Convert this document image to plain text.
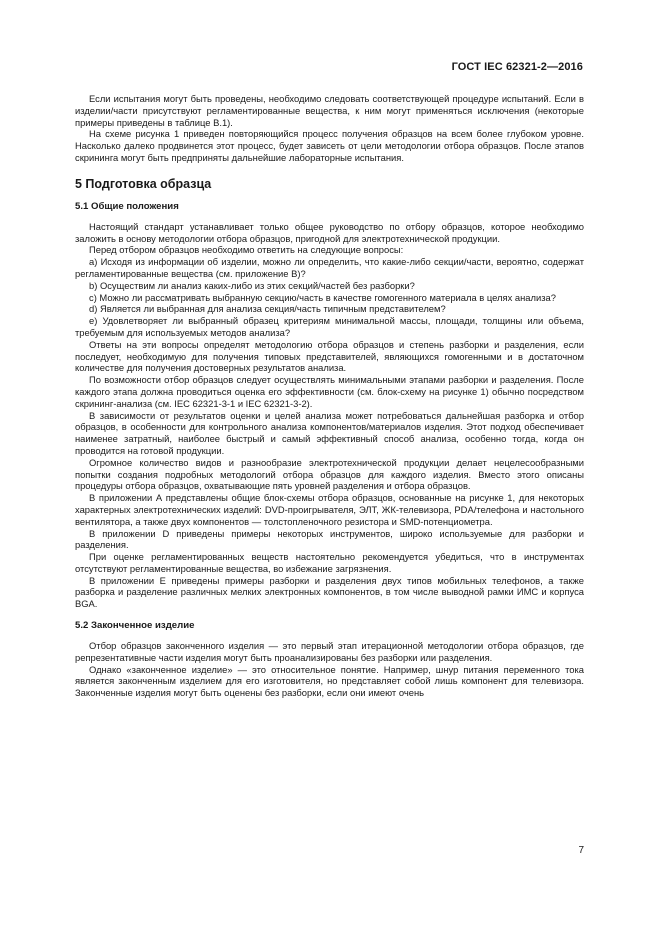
ГОСТ IEC 62321-2—2016

Если испытания могут быть проведены, необходимо следовать соответствующей процедуре испытаний. Если в изделии/части присутствуют регламентированные вещества, к ним могут применяться исключения (некоторые примеры приведены в таблице B.1).

На схеме рисунка 1 приведен повторяющийся процесс получения образцов на всем более глубоком уровне. Насколько далеко продвинется этот процесс, будет зависеть от цели методологии отбора образцов. После этапов скрининга могут быть предприняты дальнейшие лабораторные испытания.

5 Подготовка образца
5.1 Общие положения

Настоящий стандарт устанавливает только общее руководство по отбору образцов, которое необходимо заложить в основу методологии отбора образцов, пригодной для электротехнической продукции.

Перед отбором образцов необходимо ответить на следующие вопросы:

a) Исходя из информации об изделии, можно ли определить, что какие-либо секции/части, вероятно, содержат регламентированные вещества (см. приложение В)?

b) Осуществим ли анализ каких-либо из этих секций/частей без разборки?

c) Можно ли рассматривать выбранную секцию/часть в качестве гомогенного материала в целях анализа?

d) Является ли выбранная для анализа секция/часть типичным представителем?

e) Удовлетворяет ли выбранный образец критериям минимальной массы, площади, толщины или объема, требуемым для используемых методов анализа?

Ответы на эти вопросы определят методологию отбора образцов и степень разборки и разделения, если последует, необходимую для получения типовых представителей, являющихся гомогенными и в достаточном количестве для получения достоверных результатов анализа.

По возможности отбор образцов следует осуществлять минимальными этапами разборки и разделения. После каждого этапа должна проводиться оценка его эффективности (см. блок-схему на рисунке 1) обычно посредством скрининг-анализа (см. IEC 62321-3-1 и IEC 62321-3-2).

В зависимости от результатов оценки и целей анализа может потребоваться дальнейшая разборка и отбор образцов, в особенности для контрольного анализа компонентов/материалов изделия. Этот подход обеспечивает наименее затратный, наиболее быстрый и самый эффективный способ анализа, особенно тогда, когда он проводится на готовой продукции.

Огромное количество видов и разнообразие электротехнической продукции делает нецелесообразными попытки создания подробных методологий отбора образцов для каждого изделия. Вместо этого описаны процедуры отбора образцов, охватывающие пять уровней разделения и отбора образцов.

В приложении А представлены общие блок-схемы отбора образцов, основанные на рисунке 1, для некоторых характерных электротехнических изделий: DVD-проигрывателя, ЭЛТ, ЖК-телевизора, PDA/телефона и настольного вентилятора, а также двух компонентов — толстопленочного резистора и SMD-потенциометра.

В приложении D приведены примеры некоторых инструментов, широко используемые для разборки и разделения.

При оценке регламентированных веществ настоятельно рекомендуется убедиться, что в инструментах отсутствуют регламентированные вещества, во избежание загрязнения.

В приложении Е приведены примеры разборки и разделения двух типов мобильных телефонов, а также разборка и разделение различных мелких электронных компонентов, в том числе выводной рамки ИМС и корпуса BGA.

5.2 Законченное изделие

Отбор образцов законченного изделия — это первый этап итерационной методологии отбора образцов, где репрезентативные части изделия могут быть проанализированы без разборки или разделения.

Однако «законченное изделие» — это относительное понятие. Например, шнур питания переменного тока является законченным изделием для его изготовителя, но представляет собой лишь компонент для телевизора. Законченные изделия могут быть оценены без разборки, если они имеют очень

7
